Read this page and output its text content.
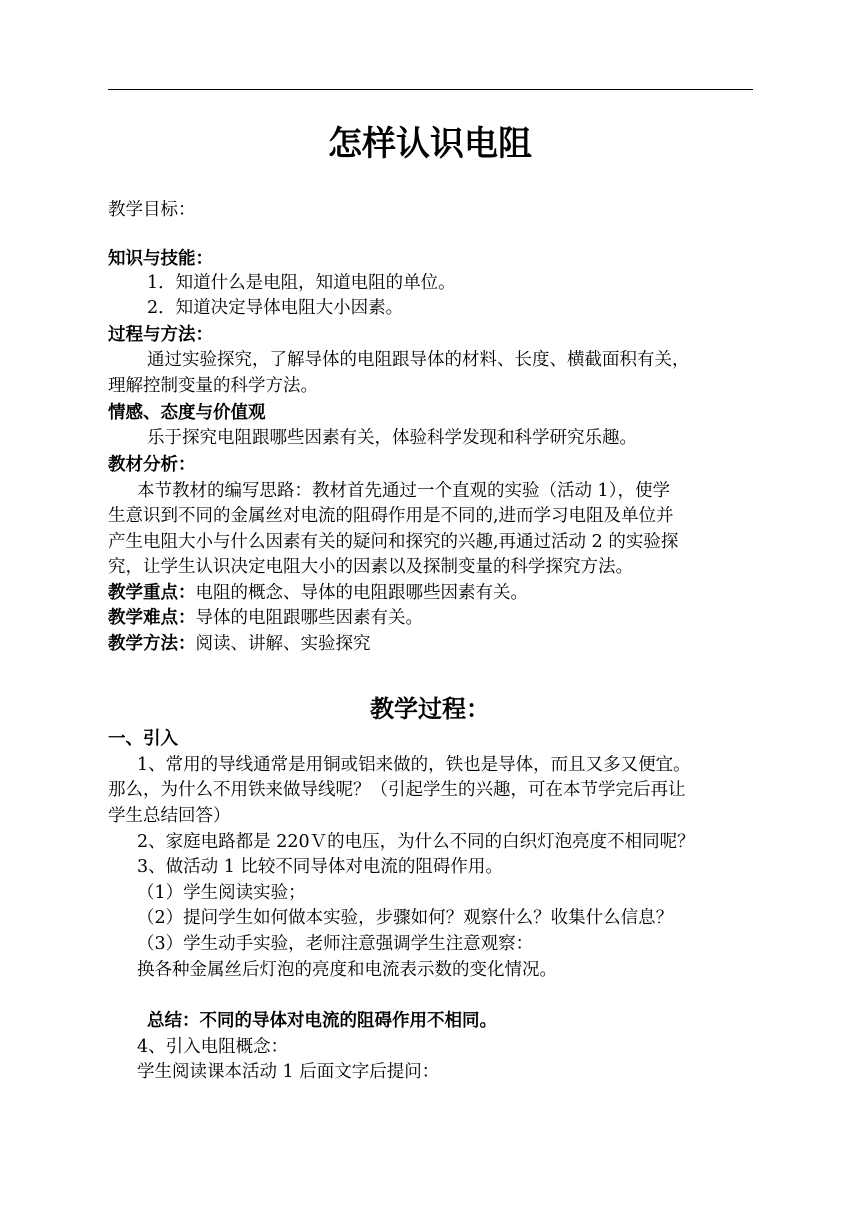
怎样认识电阻
教学目标：
知识与技能：
1．知道什么是电阻，知道电阻的单位。
2．知道决定导体电阻大小因素。
过程与方法：
通过实验探究，了解导体的电阻跟导体的材料、长度、横截面积有关，
理解控制变量的科学方法。
情感、态度与价值观
乐于探究电阻跟哪些因素有关，体验科学发现和科学研究乐趣。
教材分析：
本节教材的编写思路：教材首先通过一个直观的实验（活动 1），使学
生意识到不同的金属丝对电流的阻碍作用是不同的,进而学习电阻及单位并
产生电阻大小与什么因素有关的疑问和探究的兴趣,再通过活动 2 的实验探
究，让学生认识决定电阻大小的因素以及探制变量的科学探究方法。
教学重点：电阻的概念、导体的电阻跟哪些因素有关。
教学难点：导体的电阻跟哪些因素有关。
教学方法：阅读、讲解、实验探究
教学过程：
一、引入
1、常用的导线通常是用铜或铝来做的，铁也是导体，而且又多又便宜。
那么，为什么不用铁来做导线呢？（引起学生的兴趣，可在本节学完后再让
学生总结回答）
2、家庭电路都是 220Ｖ的电压，为什么不同的白织灯泡亮度不相同呢？
3、做活动 1 比较不同导体对电流的阻碍作用。
（1）学生阅读实验；
（2）提问学生如何做本实验，步骤如何？观察什么？收集什么信息？
（3）学生动手实验，老师注意强调学生注意观察：
换各种金属丝后灯泡的亮度和电流表示数的变化情况。
总结：不同的导体对电流的阻碍作用不相同。
4、引入电阻概念：
学生阅读课本活动 1 后面文字后提问：
